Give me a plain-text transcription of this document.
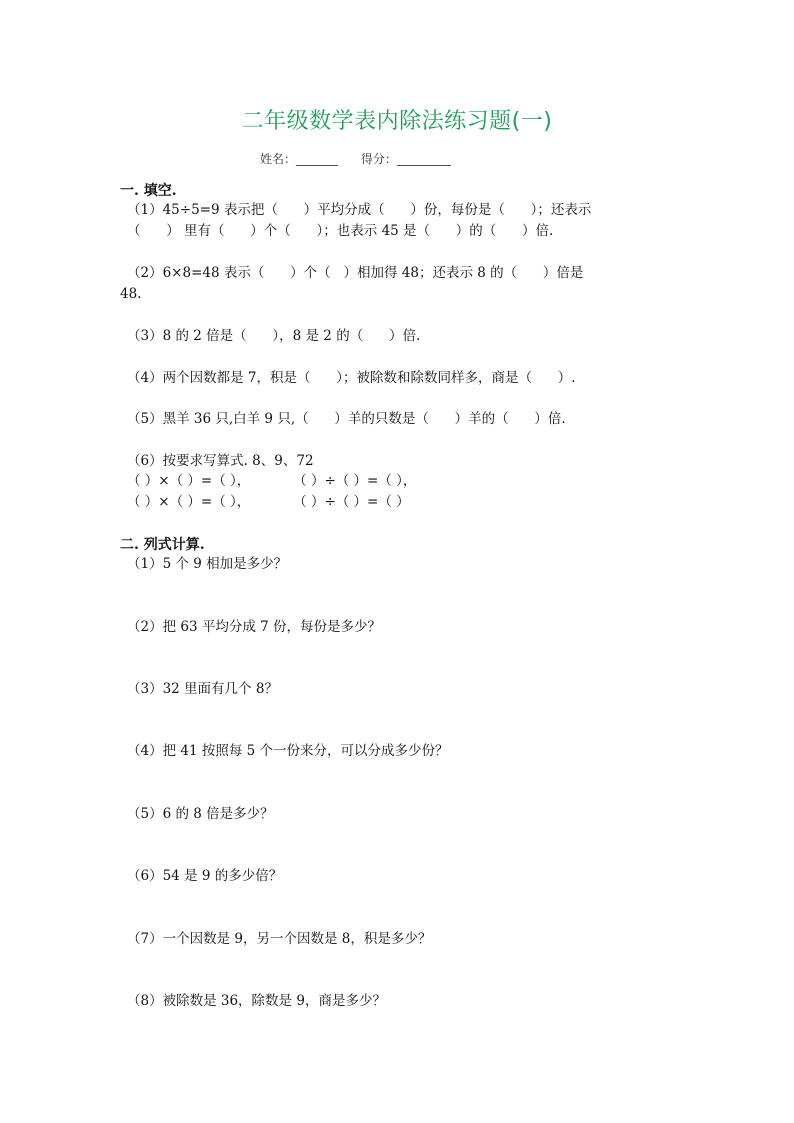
二年级数学表内除法练习题(一)
姓名：_______ 得分：_________
一. 填空.
（1）45÷5=9 表示把（      ）平均分成（      ）份，每份是（      ）；还表示
（      ） 里有（      ）个（      ）；也表示 45 是（      ）的（      ）倍.
（2）6×8=48 表示（      ）个（   ）相加得 48；还表示 8 的（      ）倍是
48.
（3）8 的 2 倍是（      ），8 是 2 的（      ）倍.
（4）两个因数都是 7，积是（      ）；被除数和除数同样多，商是（      ）.
（5）黑羊 36 只,白羊 9 只,（      ）羊的只数是（      ）羊的（      ）倍.
（6）按要求写算式. 8、9、72
（ ）×（ ）=（ ），          （ ）÷（ ）=（ ），
（ ）×（ ）=（ ），          （ ）÷（ ）=（ ）
二. 列式计算.
（1）5 个 9 相加是多少？
（2）把 63 平均分成 7 份，每份是多少？
（3）32 里面有几个 8？
（4）把 41 按照每 5 个一份来分，可以分成多少份？
（5）6 的 8 倍是多少？
（6）54 是 9 的多少倍？
（7）一个因数是 9，另一个因数是 8，积是多少？
（8）被除数是 36，除数是 9，商是多少？
